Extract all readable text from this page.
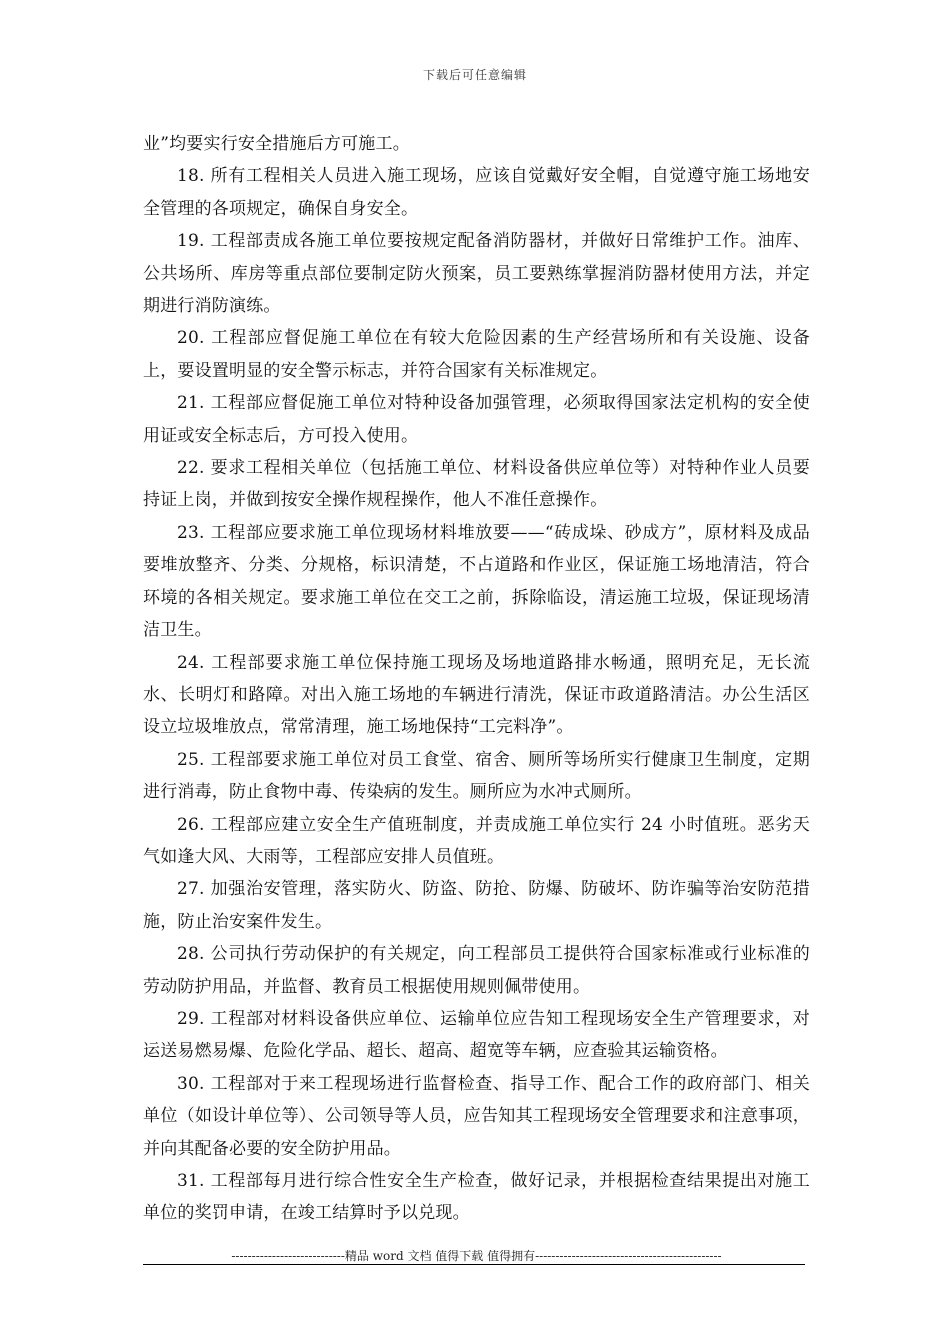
下载后可任意编辑

业”均要实行安全措施后方可施工。

18. 所有工程相关人员进入施工现场，应该自觉戴好安全帽，自觉遵守施工场地安全管理的各项规定，确保自身安全。

19. 工程部责成各施工单位要按规定配备消防器材，并做好日常维护工作。油库、公共场所、库房等重点部位要制定防火预案，员工要熟练掌握消防器材使用方法，并定期进行消防演练。

20. 工程部应督促施工单位在有较大危险因素的生产经营场所和有关设施、设备上，要设置明显的安全警示标志，并符合国家有关标准规定。

21. 工程部应督促施工单位对特种设备加强管理，必须取得国家法定机构的安全使用证或安全标志后，方可投入使用。

22. 要求工程相关单位（包括施工单位、材料设备供应单位等）对特种作业人员要持证上岗，并做到按安全操作规程操作，他人不准任意操作。

23. 工程部应要求施工单位现场材料堆放要——“砖成垛、砂成方”，原材料及成品要堆放整齐、分类、分规格，标识清楚，不占道路和作业区，保证施工场地清洁，符合环境的各相关规定。要求施工单位在交工之前，拆除临设，清运施工垃圾，保证现场清洁卫生。

24. 工程部要求施工单位保持施工现场及场地道路排水畅通，照明充足，无长流水、长明灯和路障。对出入施工场地的车辆进行清洗，保证市政道路清洁。办公生活区设立垃圾堆放点，常常清理，施工场地保持“工完料净”。

25. 工程部要求施工单位对员工食堂、宿舍、厕所等场所实行健康卫生制度，定期进行消毒，防止食物中毒、传染病的发生。厕所应为水冲式厕所。

26. 工程部应建立安全生产值班制度，并责成施工单位实行 24 小时值班。恶劣天气如逢大风、大雨等，工程部应安排人员值班。

27. 加强治安管理，落实防火、防盗、防抢、防爆、防破坏、防诈骗等治安防范措施，防止治安案件发生。

28. 公司执行劳动保护的有关规定，向工程部员工提供符合国家标准或行业标准的劳动防护用品，并监督、教育员工根据使用规则佩带使用。

29. 工程部对材料设备供应单位、运输单位应告知工程现场安全生产管理要求，对运送易燃易爆、危险化学品、超长、超高、超宽等车辆，应查验其运输资格。

30. 工程部对于来工程现场进行监督检查、指导工作、配合工作的政府部门、相关单位（如设计单位等）、公司领导等人员，应告知其工程现场安全管理要求和注意事项，并向其配备必要的安全防护用品。

31. 工程部每月进行综合性安全生产检查，做好记录，并根据检查结果提出对施工单位的奖罚申请，在竣工结算时予以兑现。

----------------------------精品 word 文档 值得下载 值得拥有----------------------------------------------
